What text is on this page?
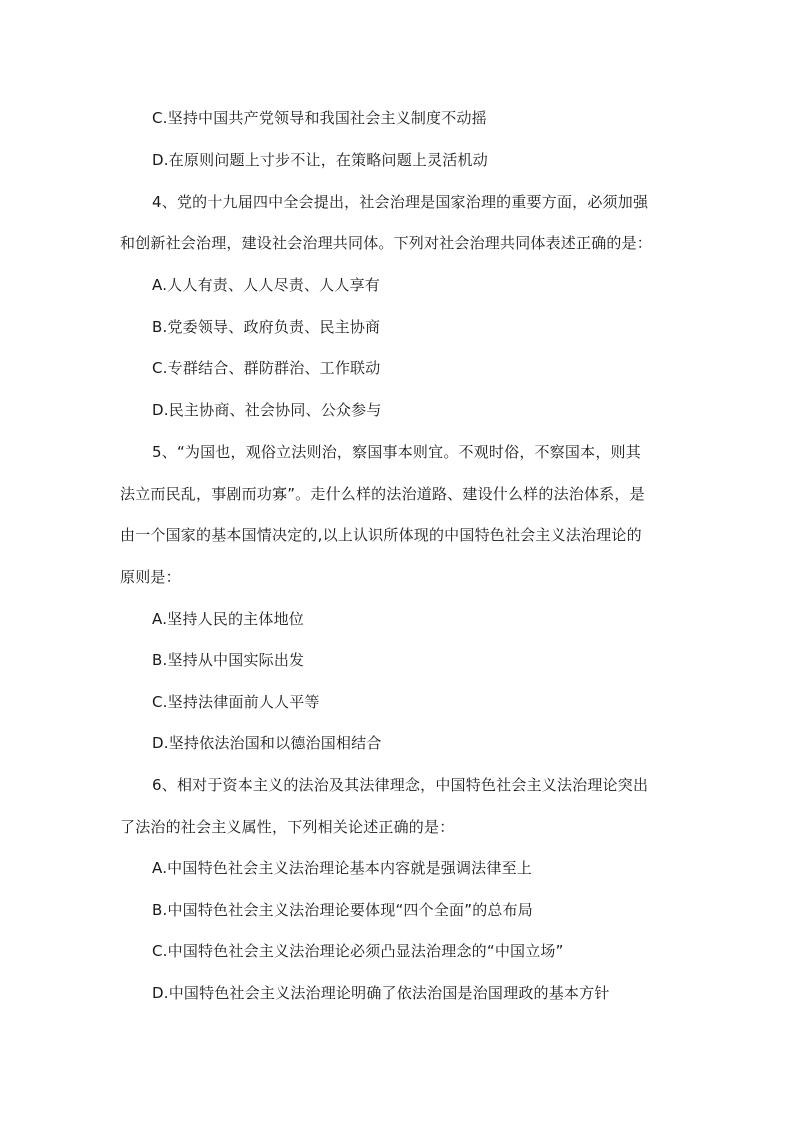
C.坚持中国共产党领导和我国社会主义制度不动摇
D.在原则问题上寸步不让，在策略问题上灵活机动
4、党的十九届四中全会提出，社会治理是国家治理的重要方面，必须加强
和创新社会治理，建设社会治理共同体。下列对社会治理共同体表述正确的是：
A.人人有责、人人尽责、人人享有
B.党委领导、政府负责、民主协商
C.专群结合、群防群治、工作联动
D.民主协商、社会协同、公众参与
5、“为国也，观俗立法则治，察国事本则宜。不观时俗，不察国本，则其
法立而民乱，事剧而功寡”。走什么样的法治道路、建设什么样的法治体系，是
由一个国家的基本国情决定的,以上认识所体现的中国特色社会主义法治理论的
原则是：
A.坚持人民的主体地位
B.坚持从中国实际出发
C.坚持法律面前人人平等
D.坚持依法治国和以德治国相结合
6、相对于资本主义的法治及其法律理念，中国特色社会主义法治理论突出
了法治的社会主义属性，下列相关论述正确的是：
A.中国特色社会主义法治理论基本内容就是强调法律至上
B.中国特色社会主义法治理论要体现“四个全面”的总布局
C.中国特色社会主义法治理论必须凸显法治理念的“中国立场”
D.中国特色社会主义法治理论明确了依法治国是治国理政的基本方针
